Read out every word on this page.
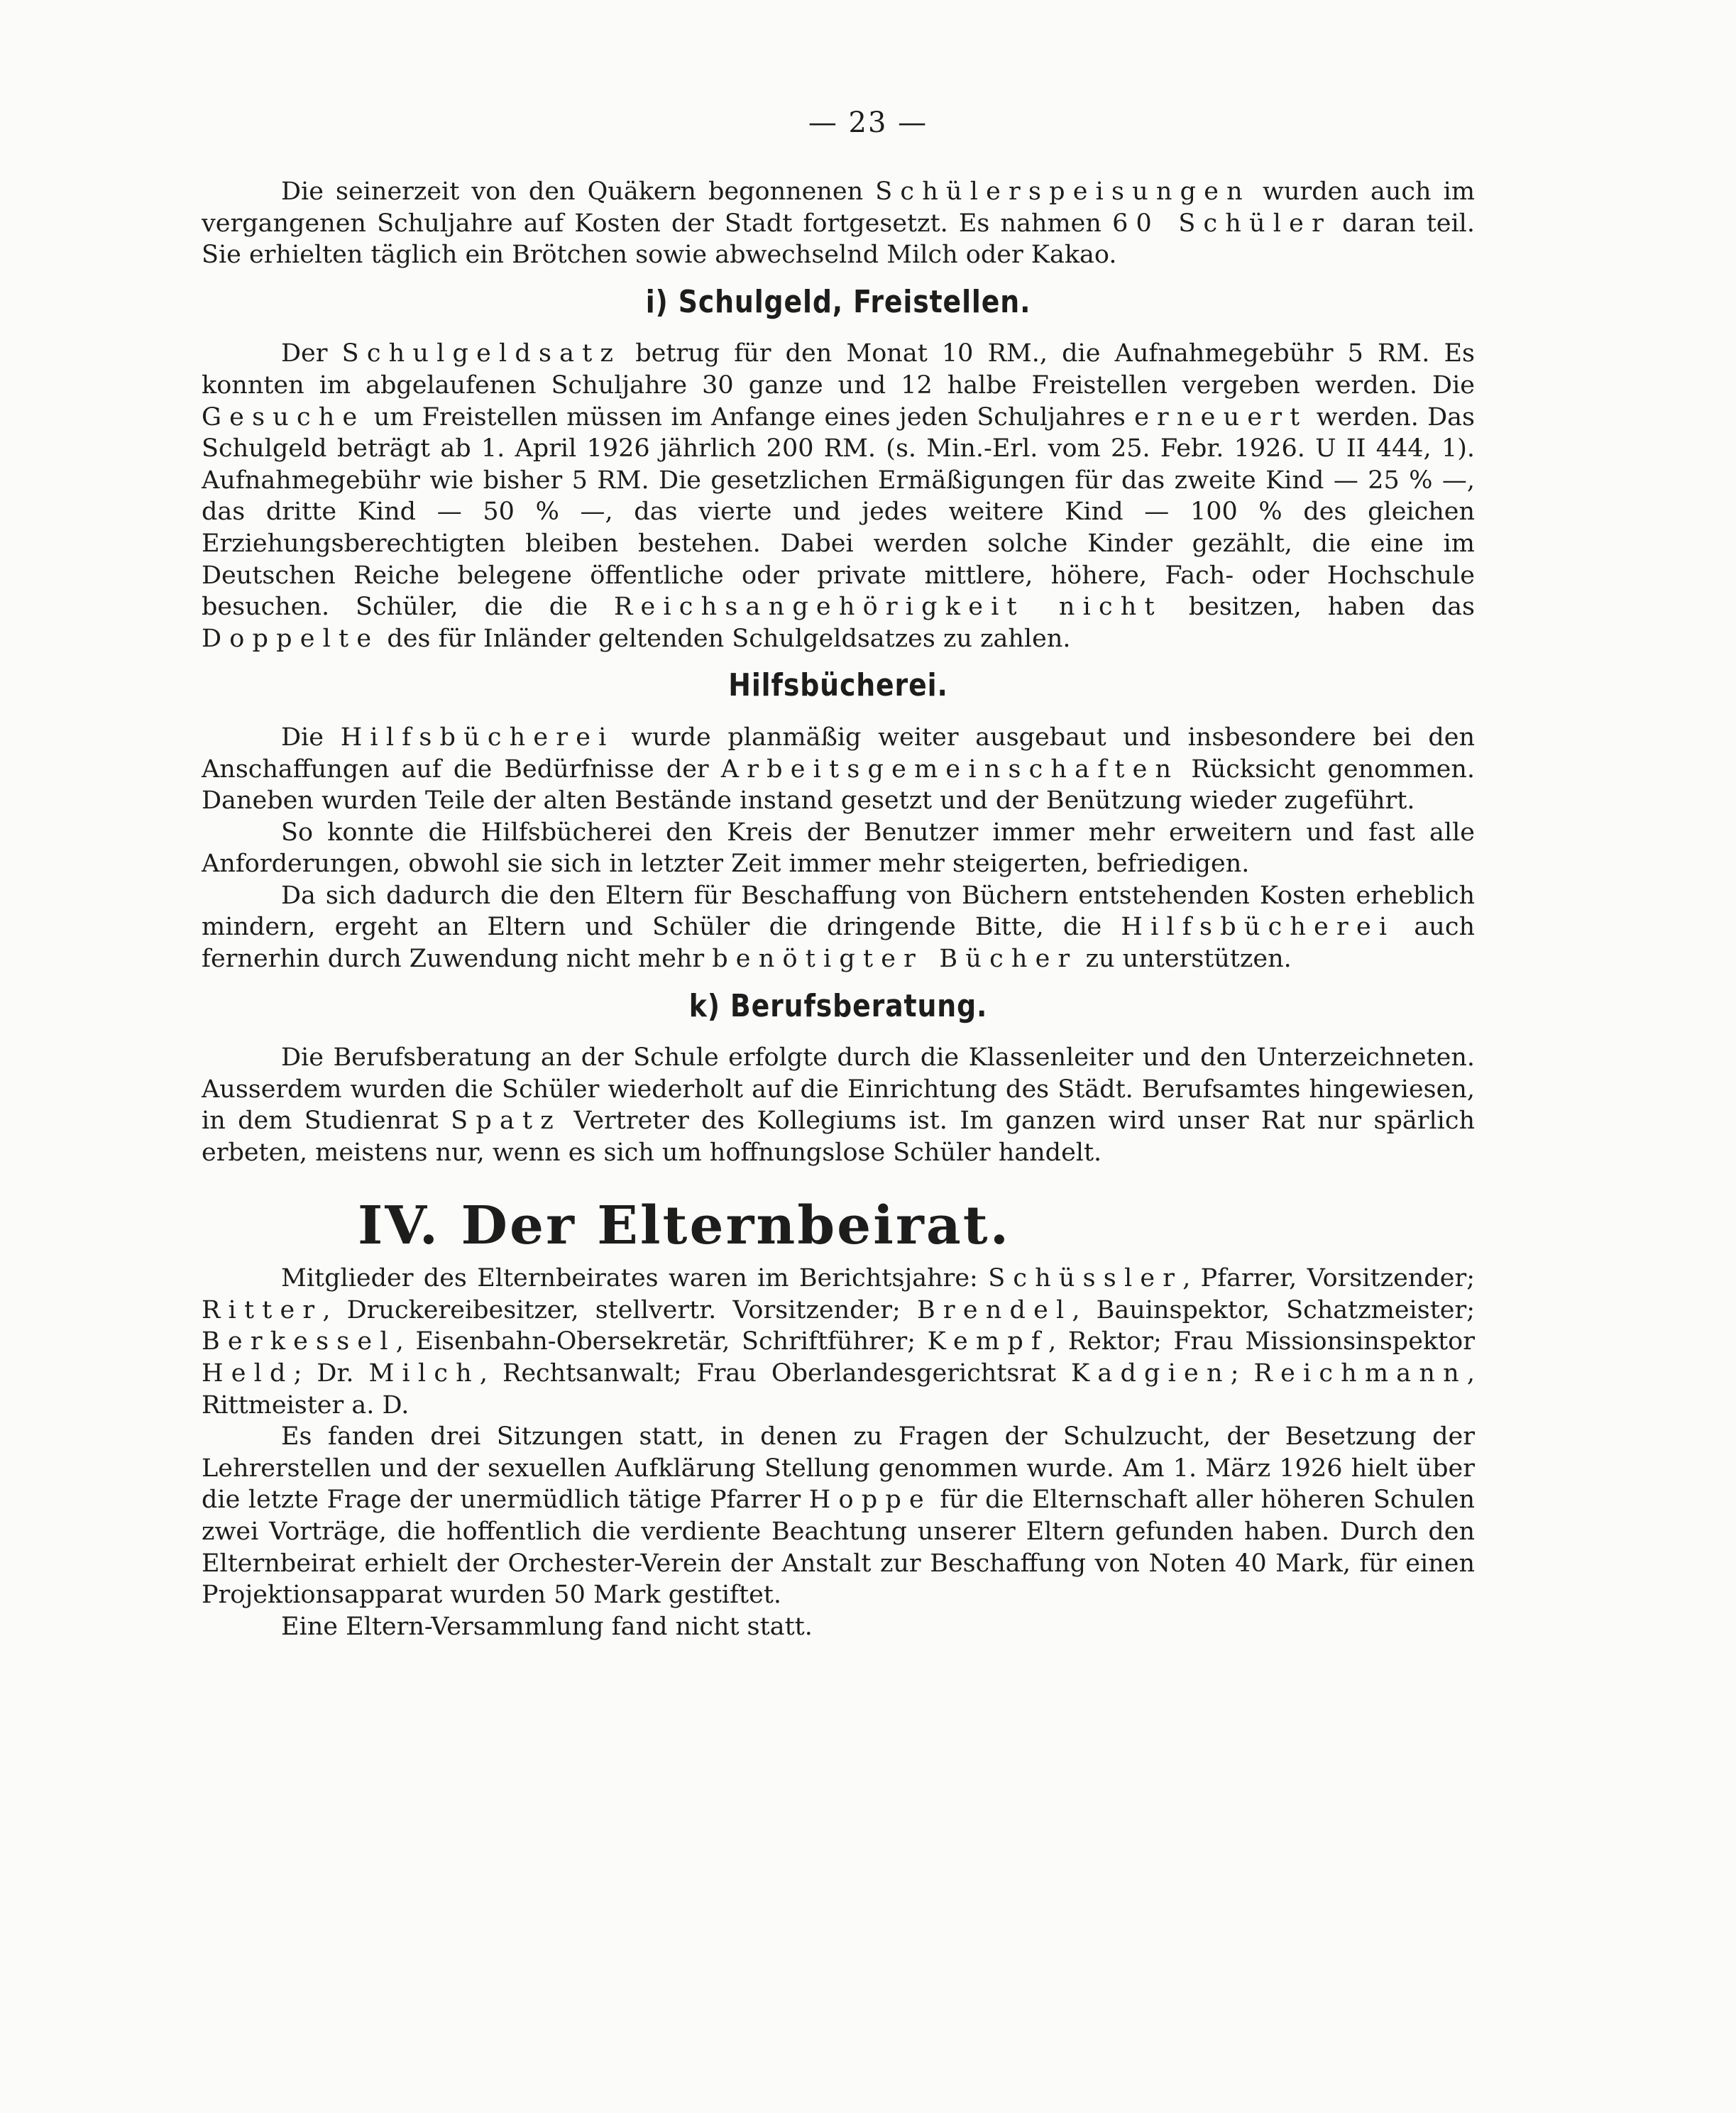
— 23 —

Die seinerzeit von den Quäkern begonnenen Schülerspeisungen wurden auch im vergangenen Schuljahre auf Kosten der Stadt fortgesetzt. Es nahmen 60 Schüler daran teil. Sie erhielten täglich ein Brötchen sowie abwechselnd Milch oder Kakao.

i) Schulgeld, Freistellen.

Der Schulgeldsatz betrug für den Monat 10 RM., die Aufnahmegebühr 5 RM. Es konnten im abgelaufenen Schuljahre 30 ganze und 12 halbe Freistellen vergeben werden. Die Gesuche um Freistellen müssen im Anfange eines jeden Schuljahres erneuert werden. Das Schulgeld beträgt ab 1. April 1926 jährlich 200 RM. (s. Min.-Erl. vom 25. Febr. 1926. U II 444, 1). Aufnahmegebühr wie bisher 5 RM. Die gesetzlichen Ermäßigungen für das zweite Kind — 25 % —, das dritte Kind — 50 % —, das vierte und jedes weitere Kind — 100 % des gleichen Erziehungsberechtigten bleiben bestehen. Dabei werden solche Kinder gezählt, die eine im Deutschen Reiche belegene öffentliche oder private mittlere, höhere, Fach- oder Hochschule besuchen. Schüler, die die Reichsangehörigkeit nicht besitzen, haben das Doppelte des für Inländer geltenden Schulgeldsatzes zu zahlen.

Hilfsbücherei.

Die Hilfsbücherei wurde planmäßig weiter ausgebaut und insbesondere bei den Anschaffungen auf die Bedürfnisse der Arbeitsgemeinschaften Rücksicht genommen. Daneben wurden Teile der alten Bestände instand gesetzt und der Benützung wieder zugeführt.

So konnte die Hilfsbücherei den Kreis der Benutzer immer mehr erweitern und fast alle Anforderungen, obwohl sie sich in letzter Zeit immer mehr steigerten, befriedigen.

Da sich dadurch die den Eltern für Beschaffung von Büchern entstehenden Kosten erheblich mindern, ergeht an Eltern und Schüler die dringende Bitte, die Hilfsbücherei auch fernerhin durch Zuwendung nicht mehr benötigter Bücher zu unterstützen.

k) Berufsberatung.

Die Berufsberatung an der Schule erfolgte durch die Klassenleiter und den Unterzeichneten. Ausserdem wurden die Schüler wiederholt auf die Einrichtung des Städt. Berufsamtes hingewiesen, in dem Studienrat Spatz Vertreter des Kollegiums ist. Im ganzen wird unser Rat nur spärlich erbeten, meistens nur, wenn es sich um hoffnungslose Schüler handelt.

IV. Der Elternbeirat.

Mitglieder des Elternbeirates waren im Berichtsjahre: Schüssler, Pfarrer, Vorsitzender; Ritter, Druckereibesitzer, stellvertr. Vorsitzender; Brendel, Bauinspektor, Schatzmeister; Berkessel, Eisenbahn-Obersekretär, Schriftführer; Kempf, Rektor; Frau Missionsinspektor Held; Dr. Milch, Rechtsanwalt; Frau Oberlandesgerichtsrat Kadgien; Reichmann, Rittmeister a. D.

Es fanden drei Sitzungen statt, in denen zu Fragen der Schulzucht, der Besetzung der Lehrerstellen und der sexuellen Aufklärung Stellung genommen wurde. Am 1. März 1926 hielt über die letzte Frage der unermüdlich tätige Pfarrer Hoppe für die Elternschaft aller höheren Schulen zwei Vorträge, die hoffentlich die verdiente Beachtung unserer Eltern gefunden haben. Durch den Elternbeirat erhielt der Orchester-Verein der Anstalt zur Beschaffung von Noten 40 Mark, für einen Projektionsapparat wurden 50 Mark gestiftet.

Eine Eltern-Versammlung fand nicht statt.
